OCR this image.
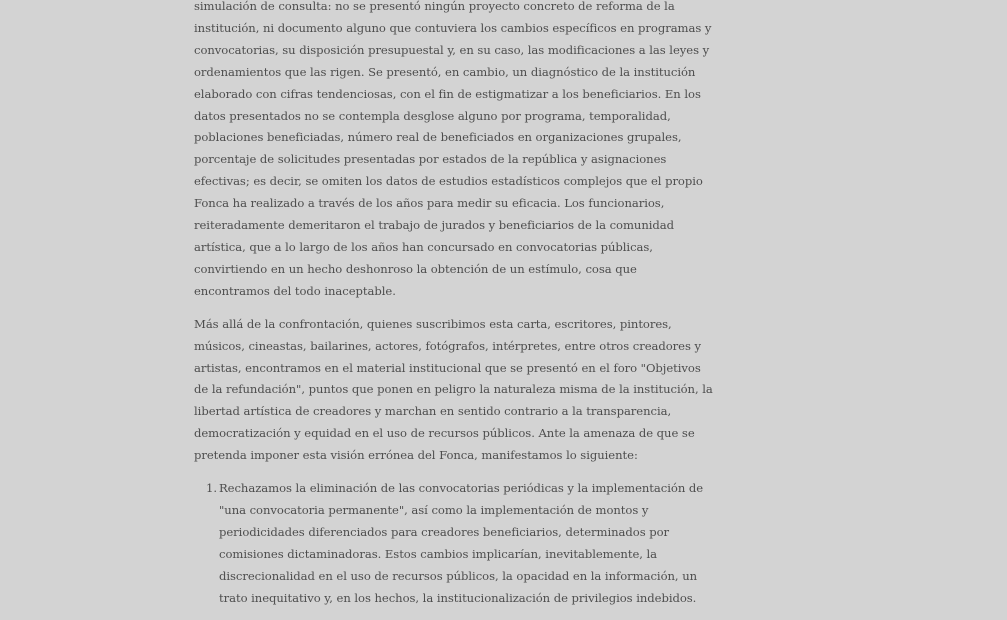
simulación de consulta: no se presentó ningún proyecto concreto de reforma de la
institución, ni documento alguno que contuviera los cambios específicos en programas y
convocatorias, su disposición presupuestal y, en su caso, las modificaciones a las leyes y
ordenamientos que las rigen. Se presentó, en cambio, un diagnóstico de la institución
elaborado con cifras tendenciosas, con el fin de estigmatizar a los beneficiarios. En los
datos presentados no se contempla desglose alguno por programa, temporalidad,
poblaciones beneficiadas, número real de beneficiados en organizaciones grupales,
porcentaje de solicitudes presentadas por estados de la república y asignaciones
efectivas; es decir, se omiten los datos de estudios estadísticos complejos que el propio
Fonca ha realizado a través de los años para medir su eficacia. Los funcionarios,
reiteradamente demeritaron el trabajo de jurados y beneficiarios de la comunidad
artística, que a lo largo de los años han concursado en convocatorias públicas,
convirtiendo en un hecho deshonroso la obtención de un estímulo, cosa que
encontramos del todo inaceptable.

Más allá de la confrontación, quienes suscribimos esta carta, escritores, pintores,
músicos, cineastas, bailarines, actores, fotógrafos, intérpretes, entre otros creadores y
artistas, encontramos en el material institucional que se presentó en el foro "Objetivos
de la refundación", puntos que ponen en peligro la naturaleza misma de la institución, la
libertad artística de creadores y marchan en sentido contrario a la transparencia,
democratización y equidad en el uso de recursos públicos. Ante la amenaza de que se
pretenda imponer esta visión errónea del Fonca, manifestamos lo siguiente:

1. Rechazamos la eliminación de las convocatorias periódicas y la implementación de
"una convocatoria permanente", así como la implementación de montos y
periodicidades diferenciados para creadores beneficiarios, determinados por
comisiones dictaminadoras. Estos cambios implicarían, inevitablemente, la
discrecionalidad en el uso de recursos públicos, la opacidad en la información, un
trato inequitativo y, en los hechos, la institucionalización de privilegios indebidos.
